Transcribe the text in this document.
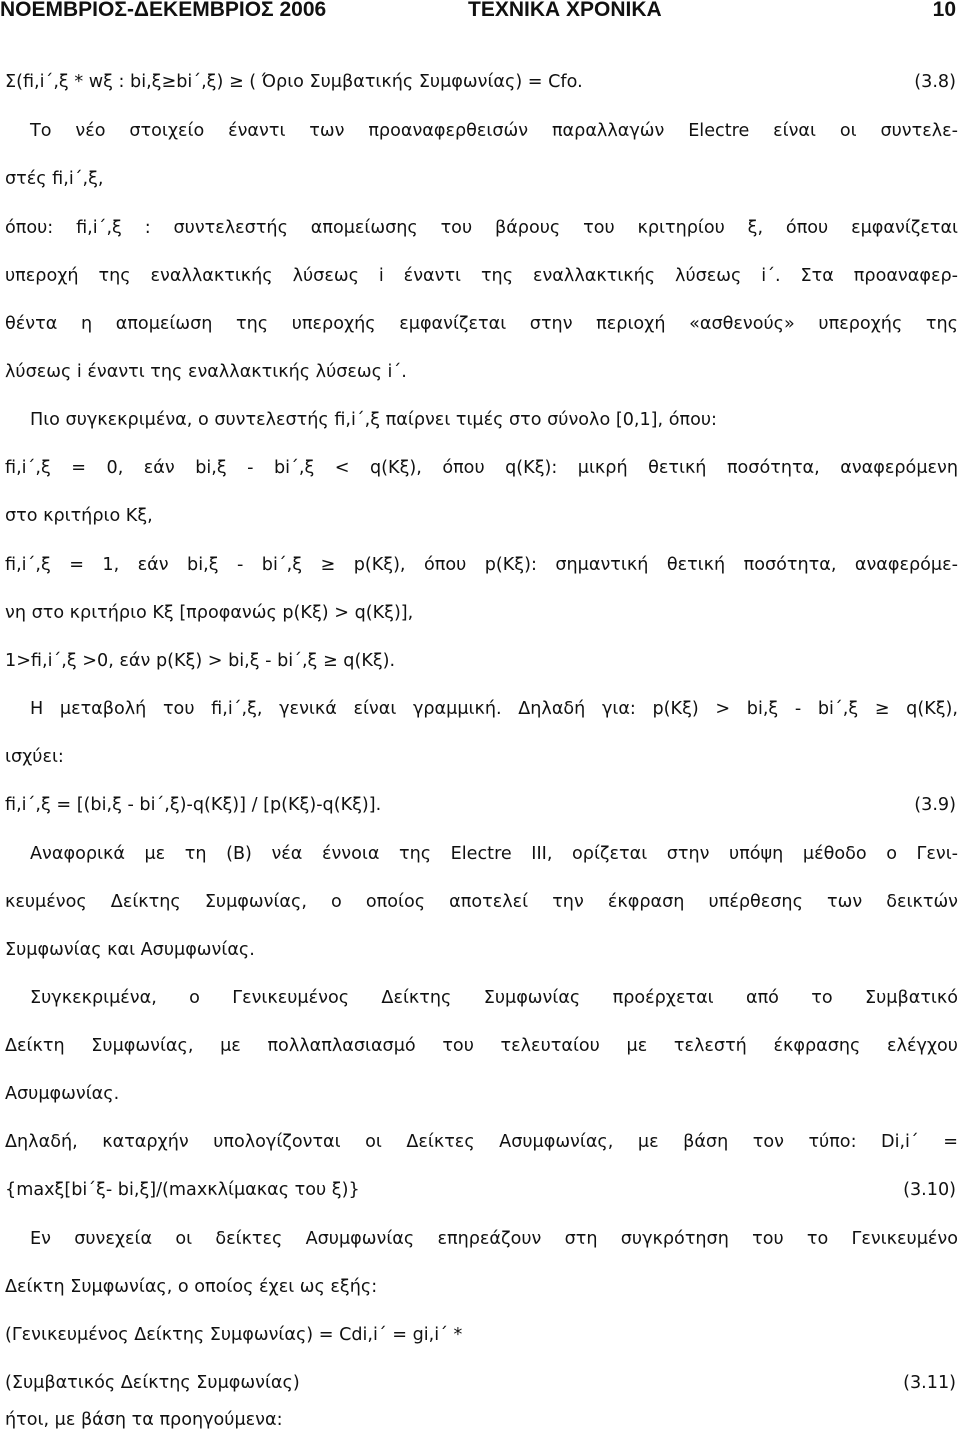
ΝΟΕΜΒΡΙΟΣ-ΔΕΚΕΜΒΡΙΟΣ 2006	ΤΕΧΝΙΚΑ ΧΡΟΝΙΚΑ	10
Σ(fi,i΄,ξ * wξ : bi,ξ≥bi΄,ξ) ≥ ( Όριο Συμβατικής Συμφωνίας) = Cfo.	(3.8)
Το νέο στοιχείο έναντι των προαναφερθεισών παραλλαγών Electre είναι οι συντελε-
στές fi,i΄,ξ,
όπου: fi,i΄,ξ : συντελεστής απομείωσης του βάρους του κριτηρίου ξ, όπου εμφανίζεται
υπεροχή της εναλλακτικής λύσεως i έναντι της εναλλακτικής λύσεως i΄. Στα προαναφερ-
θέντα η απομείωση της υπεροχής εμφανίζεται στην περιοχή «ασθενούς» υπεροχής της
λύσεως i έναντι της εναλλακτικής λύσεως i΄.
Πιο συγκεκριμένα, ο συντελεστής fi,i΄,ξ παίρνει τιμές στο σύνολο [0,1], όπου:
fi,i΄,ξ = 0, εάν bi,ξ - bi΄,ξ < q(Κξ), όπου q(Κξ): μικρή θετική ποσότητα, αναφερόμενη
στο κριτήριο Κξ,
fi,i΄,ξ = 1, εάν bi,ξ - bi΄,ξ ≥ p(Κξ), όπου p(Κξ): σημαντική θετική ποσότητα, αναφερόμε-
νη στο κριτήριο Κξ [προφανώς p(Κξ) > q(Κξ)],
1>fi,i΄,ξ >0, εάν p(Κξ) > bi,ξ - bi΄,ξ ≥ q(Κξ).
Η μεταβολή του fi,i΄,ξ, γενικά είναι γραμμική. Δηλαδή για: p(Κξ) > bi,ξ - bi΄,ξ ≥ q(Κξ),
ισχύει:
fi,i΄,ξ = [(bi,ξ - bi΄,ξ)-q(Κξ)] / [p(Κξ)-q(Κξ)].	(3.9)
Αναφορικά με τη (Β) νέα έννοια της Electre III, ορίζεται στην υπόψη μέθοδο ο Γενι-
κευμένος Δείκτης Συμφωνίας, ο οποίος αποτελεί την έκφραση υπέρθεσης των δεικτών
Συμφωνίας και Ασυμφωνίας.
Συγκεκριμένα, ο Γενικευμένος Δείκτης Συμφωνίας προέρχεται από το Συμβατικό
Δείκτη Συμφωνίας, με πολλαπλασιασμό του τελευταίου με τελεστή έκφρασης ελέγχου
Ασυμφωνίας.
Δηλαδή, καταρχήν υπολογίζονται οι Δείκτες Ασυμφωνίας, με βάση τον τύπο: Di,i΄ =
{maxξ[bi΄ξ- bi,ξ]/(maxκλίμακας του ξ)}	(3.10)
Εν συνεχεία οι δείκτες Ασυμφωνίας επηρεάζουν στη συγκρότηση του το Γενικευμένο
Δείκτη Συμφωνίας, ο οποίος έχει ως εξής:
(Γενικευμένος Δείκτης Συμφωνίας) = Cdi,i΄ = gi,i΄ *
(Συμβατικός Δείκτης Συμφωνίας)	(3.11)
ήτοι, με βάση τα προηγούμενα:
